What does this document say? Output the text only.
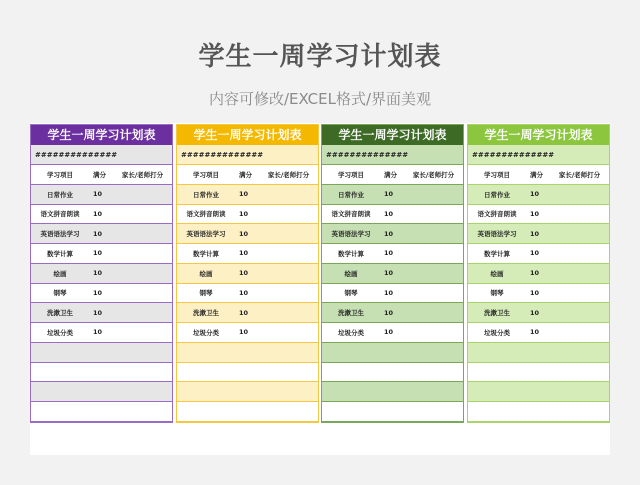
学生一周学习计划表
内容可修改/EXCEL格式/界面美观
学生一周学习计划表
##############
学习项目	满分	家长/老师打分
日常作业	10
语文拼音朗读	10
英语语法学习	10
数学计算	10
绘画	10
钢琴	10
洗漱卫生	10
垃圾分类	10
学生一周学习计划表
##############
学习项目	满分	家长/老师打分
日常作业	10
语文拼音朗读	10
英语语法学习	10
数学计算	10
绘画	10
钢琴	10
洗漱卫生	10
垃圾分类	10
学生一周学习计划表
##############
学习项目	满分	家长/老师打分
日常作业	10
语文拼音朗读	10
英语语法学习	10
数学计算	10
绘画	10
钢琴	10
洗漱卫生	10
垃圾分类	10
学生一周学习计划表
##############
学习项目	满分	家长/老师打分
日常作业	10
语文拼音朗读	10
英语语法学习	10
数学计算	10
绘画	10
钢琴	10
洗漱卫生	10
垃圾分类	10
